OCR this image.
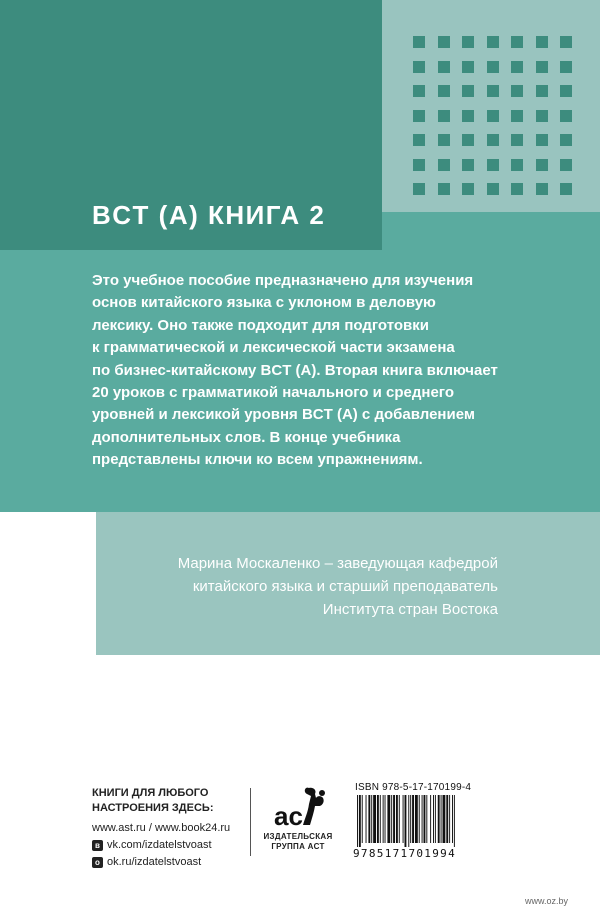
BCT (A) КНИГА 2
Это учебное пособие предназначено для изучения
основ китайского языка с уклоном в деловую
лексику. Оно также подходит для подготовки
к грамматической и лексической части экзамена
по бизнес-китайскому BCT (A). Вторая книга включает
20 уроков с грамматикой начального и среднего
уровней и лексикой уровня BCT (A) с добавлением
дополнительных слов. В конце учебника
представлены ключи ко всем упражнениям.
Марина Москаленко – заведующая кафедрой
китайского языка и старший преподаватель
Института стран Востока
КНИГИ ДЛЯ ЛЮБОГО
НАСТРОЕНИЯ ЗДЕСЬ:
www.ast.ru / www.book24.ru
в vk.com/izdatelstvoast
о ok.ru/izdatelstvoast
ас
ИЗДАТЕЛЬСКАЯ
ГРУППА АСТ
ISBN 978-5-17-170199-4
9785171701994
www.oz.by
